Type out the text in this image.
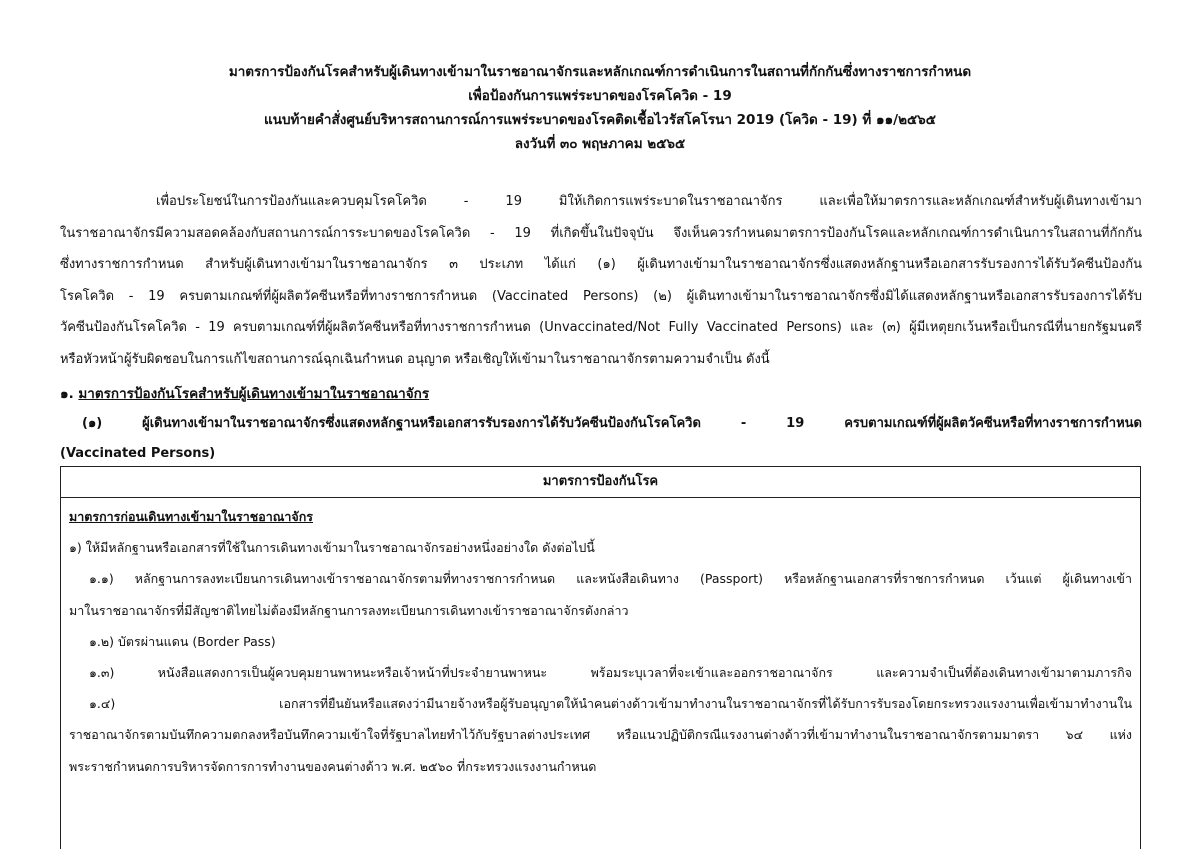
มาตรการป้องกันโรคสำหรับผู้เดินทางเข้ามาในราชอาณาจักรและหลักเกณฑ์การดำเนินการในสถานที่กักกันซึ่งทางราชการกำหนด
เพื่อป้องกันการแพร่ระบาดของโรคโควิด - 19
แนบท้ายคำสั่งศูนย์บริหารสถานการณ์การแพร่ระบาดของโรคติดเชื้อไวรัสโคโรนา 2019 (โควิด - 19) ที่ ๑๑/๒๕๖๕
ลงวันที่ ๓๐ พฤษภาคม ๒๕๖๕
เพื่อประโยชน์ในการป้องกันและควบคุมโรคโควิด - 19 มิให้เกิดการแพร่ระบาดในราชอาณาจักร และเพื่อให้มาตรการและหลักเกณฑ์สำหรับผู้เดินทางเข้ามา
ในราชอาณาจักรมีความสอดคล้องกับสถานการณ์การระบาดของโรคโควิด - 19 ที่เกิดขึ้นในปัจจุบัน จึงเห็นควรกำหนดมาตรการป้องกันโรคและหลักเกณฑ์การดำเนินการในสถานที่กักกัน
ซึ่งทางราชการกำหนด สำหรับผู้เดินทางเข้ามาในราชอาณาจักร ๓ ประเภท ได้แก่ (๑) ผู้เดินทางเข้ามาในราชอาณาจักรซึ่งแสดงหลักฐานหรือเอกสารรับรองการได้รับวัคซีนป้องกัน
โรคโควิด - 19 ครบตามเกณฑ์ที่ผู้ผลิตวัคซีนหรือที่ทางราชการกำหนด (Vaccinated Persons) (๒) ผู้เดินทางเข้ามาในราชอาณาจักรซึ่งมิได้แสดงหลักฐานหรือเอกสารรับรองการได้รับ
วัคซีนป้องกันโรคโควิด - 19 ครบตามเกณฑ์ที่ผู้ผลิตวัคซีนหรือที่ทางราชการกำหนด (Unvaccinated/Not Fully Vaccinated Persons) และ (๓) ผู้มีเหตุยกเว้นหรือเป็นกรณีที่นายกรัฐมนตรี
หรือหัวหน้าผู้รับผิดชอบในการแก้ไขสถานการณ์ฉุกเฉินกำหนด อนุญาต หรือเชิญให้เข้ามาในราชอาณาจักรตามความจำเป็น ดังนี้
๑. มาตรการป้องกันโรคสำหรับผู้เดินทางเข้ามาในราชอาณาจักร
(๑) ผู้เดินทางเข้ามาในราชอาณาจักรซึ่งแสดงหลักฐานหรือเอกสารรับรองการได้รับวัคซีนป้องกันโรคโควิด - 19 ครบตามเกณฑ์ที่ผู้ผลิตวัคซีนหรือที่ทางราชการกำหนด
(Vaccinated Persons)
มาตรการป้องกันโรค
มาตรการก่อนเดินทางเข้ามาในราชอาณาจักร
๑) ให้มีหลักฐานหรือเอกสารที่ใช้ในการเดินทางเข้ามาในราชอาณาจักรอย่างหนึ่งอย่างใด ดังต่อไปนี้
๑.๑) หลักฐานการลงทะเบียนการเดินทางเข้าราชอาณาจักรตามที่ทางราชการกำหนด และหนังสือเดินทาง (Passport) หรือหลักฐานเอกสารที่ราชการกำหนด เว้นแต่ ผู้เดินทางเข้า
มาในราชอาณาจักรที่มีสัญชาติไทยไม่ต้องมีหลักฐานการลงทะเบียนการเดินทางเข้าราชอาณาจักรดังกล่าว
๑.๒) บัตรผ่านแดน (Border Pass)
๑.๓) หนังสือแสดงการเป็นผู้ควบคุมยานพาหนะหรือเจ้าหน้าที่ประจำยานพาหนะ พร้อมระบุเวลาที่จะเข้าและออกราชอาณาจักร และความจำเป็นที่ต้องเดินทางเข้ามาตามภารกิจ
๑.๔) เอกสารที่ยืนยันหรือแสดงว่ามีนายจ้างหรือผู้รับอนุญาตให้นำคนต่างด้าวเข้ามาทำงานในราชอาณาจักรที่ได้รับการรับรองโดยกระทรวงแรงงานเพื่อเข้ามาทำงานใน
ราชอาณาจักรตามบันทึกความตกลงหรือบันทึกความเข้าใจที่รัฐบาลไทยทำไว้กับรัฐบาลต่างประเทศ หรือแนวปฏิบัติกรณีแรงงานต่างด้าวที่เข้ามาทำงานในราชอาณาจักรตามมาตรา ๖๔ แห่ง
พระราชกำหนดการบริหารจัดการการทำงานของคนต่างด้าว พ.ศ. ๒๕๖๐ ที่กระทรวงแรงงานกำหนด
